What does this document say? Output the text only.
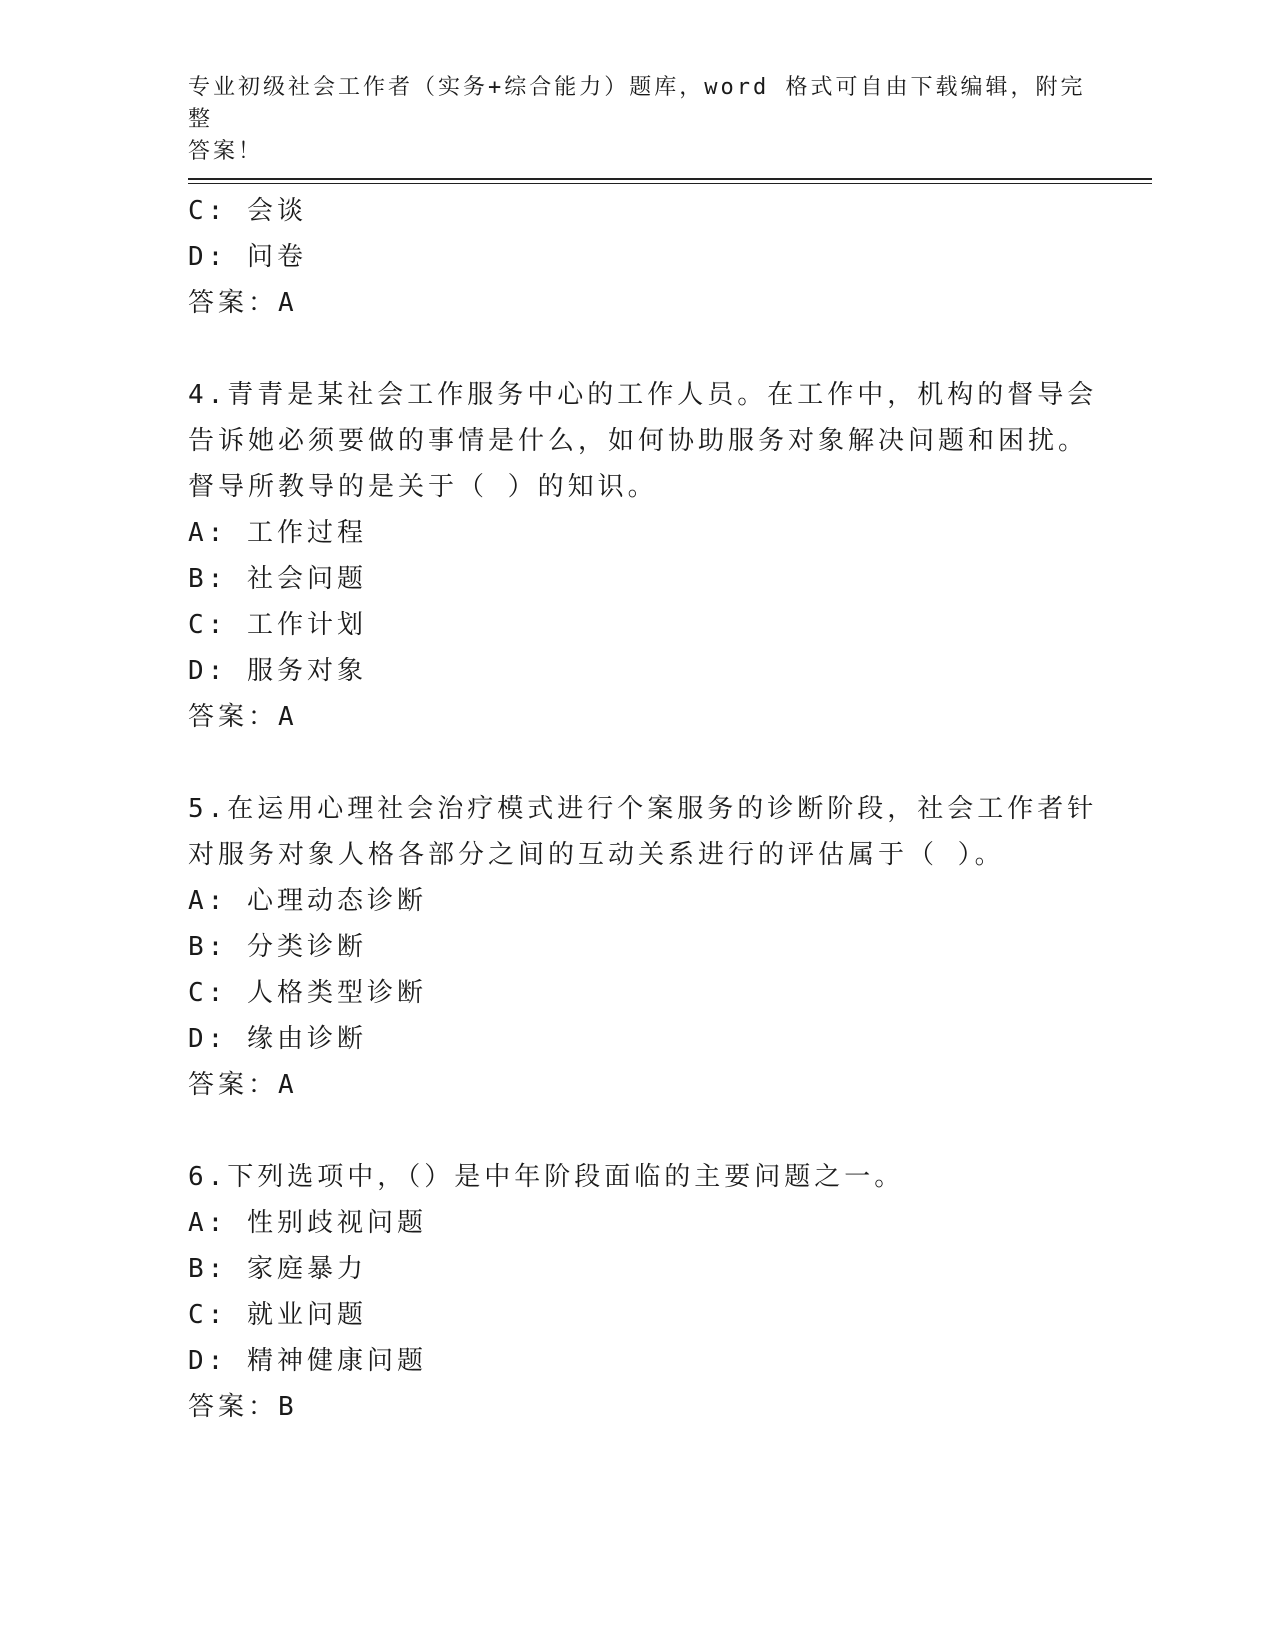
专业初级社会工作者（实务+综合能力）题库，word 格式可自由下载编辑，附完整
答案！
C: 会谈
D: 问卷
答案：A
4.青青是某社会工作服务中心的工作人员。在工作中，机构的督导会
告诉她必须要做的事情是什么，如何协助服务对象解决问题和困扰。
督导所教导的是关于（ ）的知识。
A: 工作过程
B: 社会问题
C: 工作计划
D: 服务对象
答案：A
5.在运用心理社会治疗模式进行个案服务的诊断阶段，社会工作者针
对服务对象人格各部分之间的互动关系进行的评估属于（ ）。
A: 心理动态诊断
B: 分类诊断
C: 人格类型诊断
D: 缘由诊断
答案：A
6.下列选项中，（）是中年阶段面临的主要问题之一。
A: 性别歧视问题
B: 家庭暴力
C: 就业问题
D: 精神健康问题
答案：B
